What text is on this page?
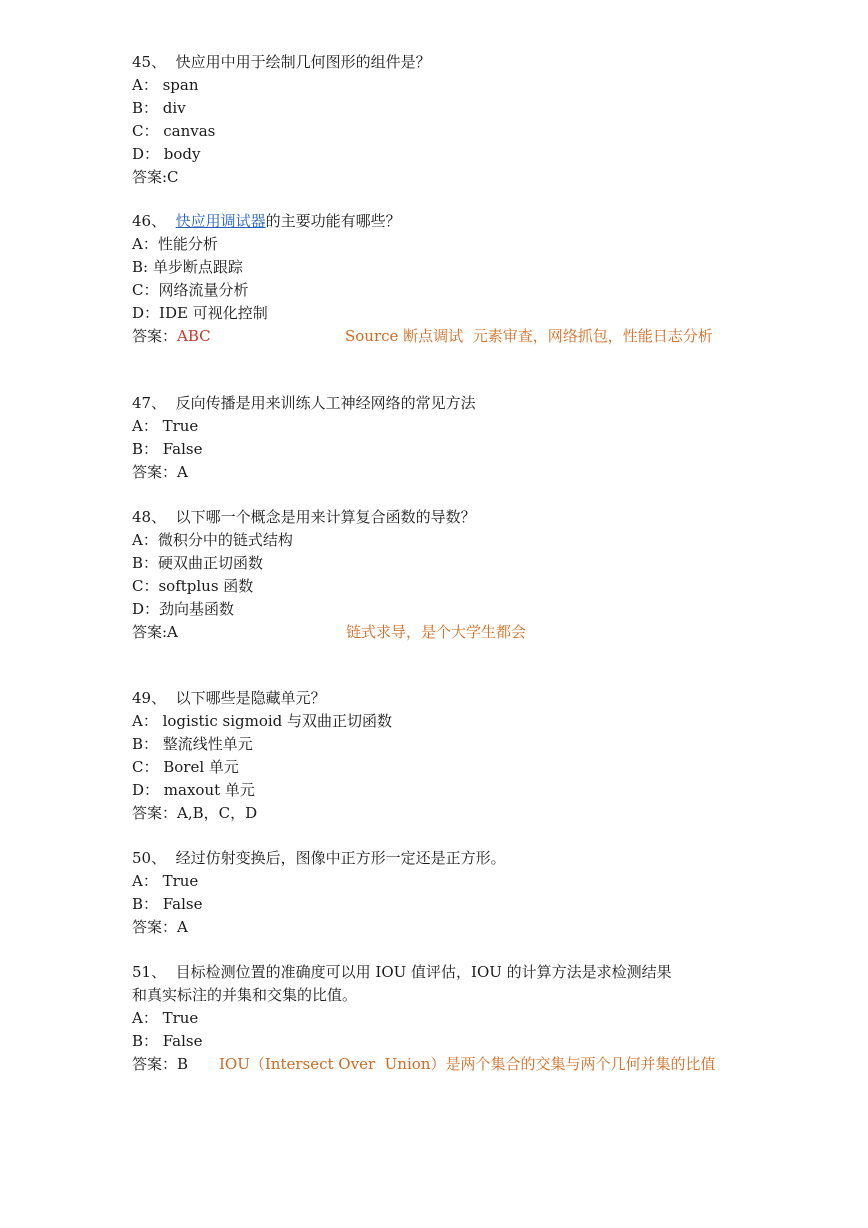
45、 快应用中用于绘制几何图形的组件是？
A： span
B： div
C： canvas
D： body
答案:C
46、 快应用调试器的主要功能有哪些？
A：性能分析
B: 单步断点跟踪
C：网络流量分析
D：IDE 可视化控制
答案：ABC	Source 断点调试  元素审查，网络抓包，性能日志分析
47、 反向传播是用来训练人工神经网络的常见方法
A： True
B： False
答案：A
48、 以下哪一个概念是用来计算复合函数的导数？
A：微积分中的链式结构
B：硬双曲正切函数
C：softplus 函数
D：劲向基函数
答案:A	链式求导，是个大学生都会
49、 以下哪些是隐藏单元？
A： logistic sigmoid 与双曲正切函数
B： 整流线性单元
C： Borel 单元
D： maxout 单元
答案：A,B，C，D
50、 经过仿射变换后，图像中正方形一定还是正方形。
A： True
B： False
答案：A
51、 目标检测位置的准确度可以用 IOU 值评估，IOU 的计算方法是求检测结果
和真实标注的并集和交集的比值。
A： True
B： False
答案：B IOU（Intersect Over  Union）是两个集合的交集与两个几何并集的比值
